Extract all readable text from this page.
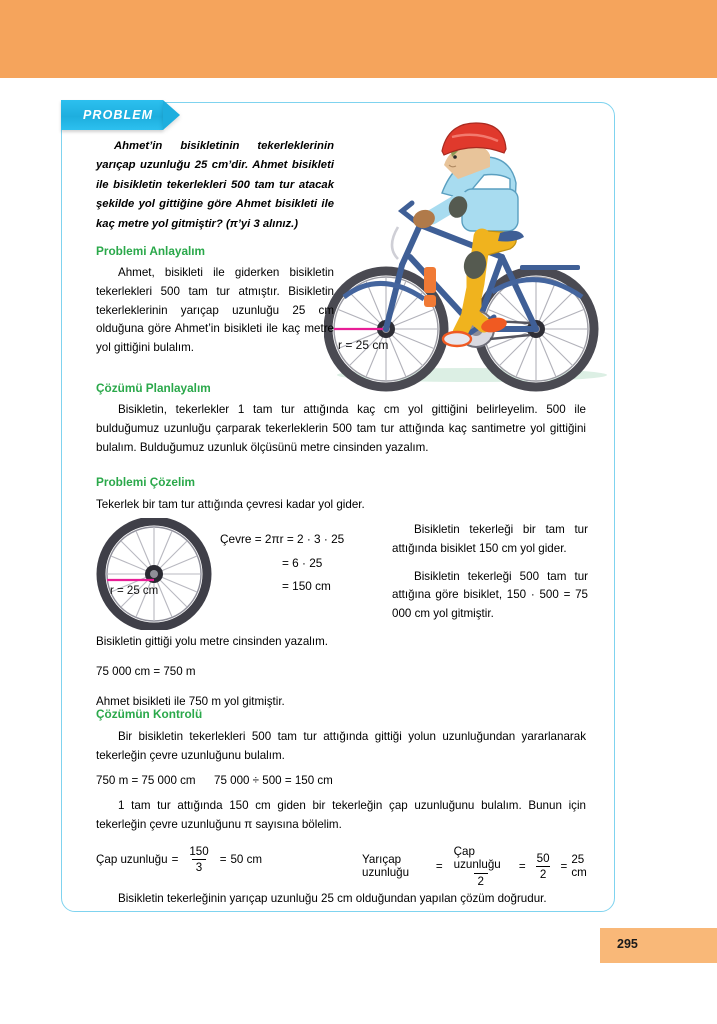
Ahmet’in bisikletinin tekerleklerinin yarıçap uzunluğu 25 cm’dir. Ahmet bisikleti ile bisikletin tekerlekleri 500 tam tur atacak şekilde yol gittiğine göre Ahmet bisikleti ile kaç metre yol gitmiştir? (π’yi 3 alınız.)
r = 25 cm
Problemi Anlayalım
Ahmet, bisikleti ile giderken bisikletin tekerlekleri 500 tam tur atmıştır. Bisikletin tekerleklerinin yarıçap uzunluğu 25 cm olduğuna göre Ahmet’in bisikleti ile kaç metre yol gittiğini bulalım.
Çözümü Planlayalım
Bisikletin, tekerlekler 1 tam tur attığında kaç cm yol gittiğini belirleyelim. 500 ile bulduğumuz uzunluğu çarparak tekerleklerin 500 tam tur attığında kaç santimetre yol gittiğini bulalım. Bulduğumuz uzunluk ölçüsünü metre cinsinden yazalım.
Problemi Çözelim
Tekerlek bir tam tur attığında çevresi kadar yol gider.
r = 25 cm
Çevre = 2πr = 2 · 3 · 25
= 6 · 25
= 150 cm

Bisikletin tekerleği bir tam tur attığında bisiklet 150 cm yol gider.

Bisikletin tekerleği 500 tam tur attığına göre bisiklet, 150 · 500 = 75 000 cm yol gitmiştir.

Bisikletin gittiği yolu metre cinsinden yazalım.

75 000 cm = 750 m

Ahmet bisikleti ile 750 m yol gitmiştir.

Çözümün Kontrolü
Bir bisikletin tekerlekleri 500 tam tur attığında gittiği yolun uzunluğundan yararlanarak tekerleğin çevre uzunluğunu bulalım.
750 m = 75 000 cm 75 000 ÷ 500 = 150 cm
1 tam tur attığında 150 cm giden bir tekerleğin çap uzunluğunu bulalım. Bunun için tekerleğin çevre uzunluğunu π sayısına bölelim.
Çap uzunluğu = $\frac{150}{3} = 50$ cm	Yarıçap uzunluğu	= $\frac{\text{Çap uzunluğu}}{2} = \frac{50}{2} = 25$ cm
Bisikletin tekerleğinin yarıçap uzunluğu 25 cm olduğundan yapılan çözüm doğrudur.
PROBLEM
295
